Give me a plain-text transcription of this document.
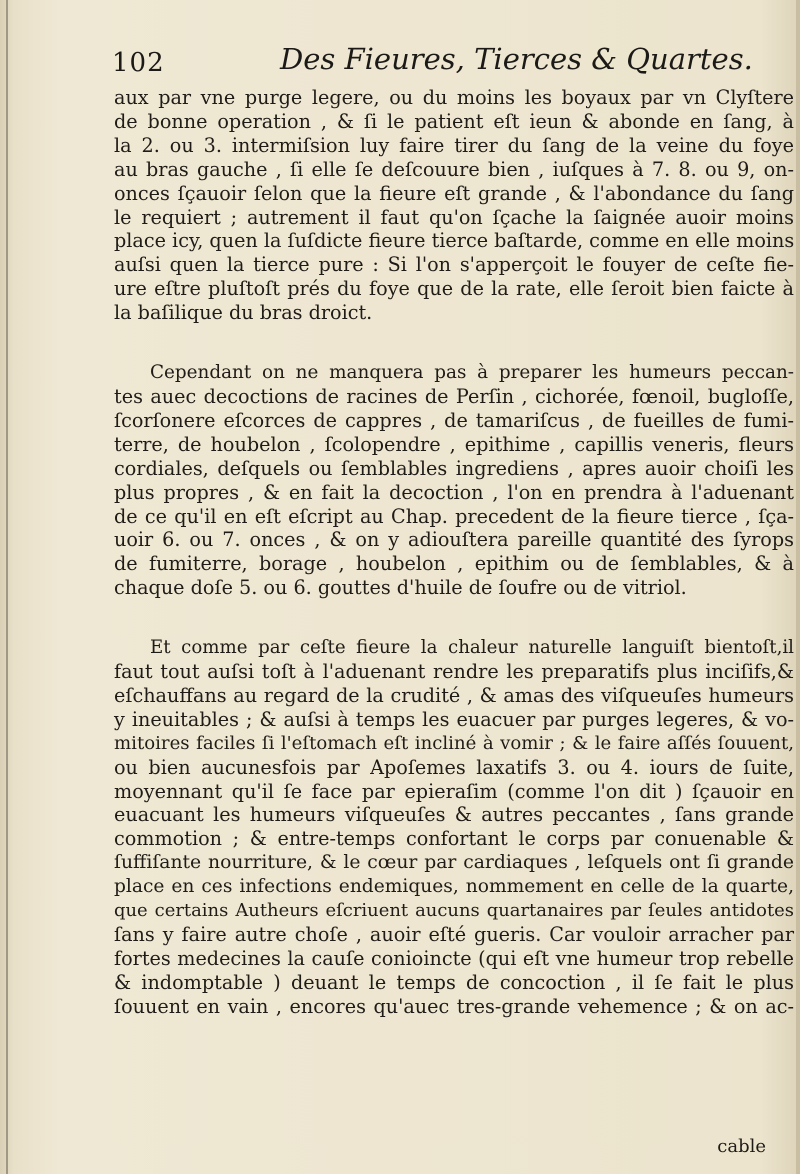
102	Des Fieures, Tierces & Quartes.
aux par vne purge legere, ou du moins les boyaux par vn Clyſtere
de bonne operation , & ſi le patient eſt ieun & abonde en ſang, à
la 2. ou 3. intermiſsion luy faire tirer du ſang de la veine du foye
au bras gauche , ſi elle ſe deſcouure bien , iuſques à 7. 8. ou 9, on-
onces ſçauoir ſelon que la fieure eſt grande , & l'abondance du ſang
le requiert ; autrement il faut qu'on ſçache la ſaignée auoir moins
place icy, quen la ſuſdicte fieure tierce baſtarde, comme en elle moins
auſsi quen la tierce pure : Si l'on s'apperçoit le fouyer de ceſte fie-
ure eſtre pluſtoſt prés du foye que de la rate, elle ſeroit bien faicte à
la baſilique du bras droict.
Cependant on ne manquera pas à preparer les humeurs peccan-
tes auec decoctions de racines de Perſin , cichorée, fœnoil, bugloſſe,
ſcorſonere eſcorces de cappres , de tamariſcus , de fueilles de fumi-
terre, de houbelon , ſcolopendre , epithime , capillis veneris, fleurs
cordiales, deſquels ou ſemblables ingrediens , apres auoir choiſi les
plus propres , & en fait la decoction , l'on en prendra à l'aduenant
de ce qu'il en eſt eſcript au Chap. precedent de la fieure tierce , ſça-
uoir 6. ou 7. onces , & on y adiouſtera pareille quantité des ſyrops
de fumiterre, borage , houbelon , epithim ou de ſemblables, & à
chaque doſe 5. ou 6. gouttes d'huile de ſoufre ou de vitriol.
Et comme par ceſte fieure la chaleur naturelle languiſt bientoſt,il
faut tout auſsi toſt à l'aduenant rendre les preparatifs plus inciſifs,&
eſchauffans au regard de la crudité , & amas des viſqueuſes humeurs
y ineuitables ; & auſsi à temps les euacuer par purges legeres, & vo-
mitoires faciles ſi l'eſtomach eſt incliné à vomir ; & le faire aſſés ſouuent,
ou bien aucunesfois par Apoſemes laxatifs 3. ou 4. iours de ſuite,
moyennant qu'il ſe face par epieraſim (comme l'on dit ) ſçauoir en
euacuant les humeurs viſqueuſes & autres peccantes , ſans grande
commotion ; & entre-temps confortant le corps par conuenable &
ſuffiſante nourriture, & le cœur par cardiaques , leſquels ont ſi grande
place en ces infections endemiques, nommement en celle de la quarte,
que certains Autheurs eſcriuent aucuns quartanaires par ſeules antidotes
ſans y faire autre choſe , auoir eſté gueris. Car vouloir arracher par
fortes medecines la cauſe conioincte (qui eſt vne humeur trop rebelle
& indomptable ) deuant le temps de concoction , il ſe fait le plus
ſouuent en vain , encores qu'auec tres-grande vehemence ; & on ac-
cable
